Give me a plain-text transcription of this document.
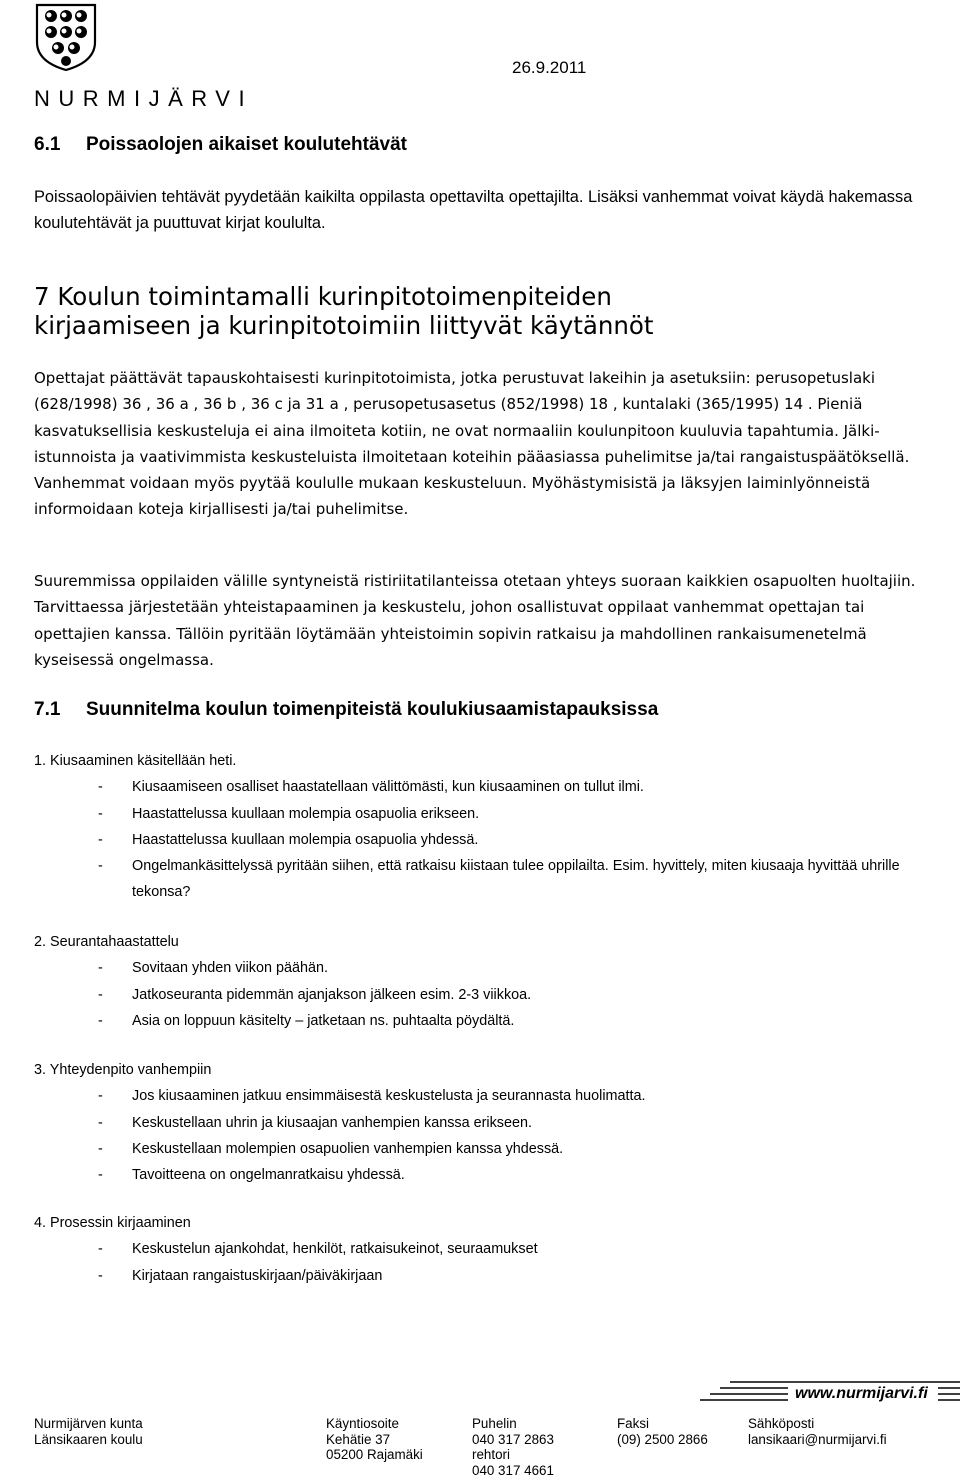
NURMIJÄRVI
26.9.2011
6.1 Poissaolojen aikaiset koulutehtävät
Poissaolopäivien tehtävät pyydetään kaikilta oppilasta opettavilta opettajilta. Lisäksi vanhemmat voivat käydä hakemassa koulutehtävät ja puuttuvat kirjat koululta.
7 Koulun toimintamalli kurinpitotoimenpiteiden
kirjaamiseen ja kurinpitotoimiin liittyvät käytännöt
Opettajat päättävät tapauskohtaisesti kurinpitotoimista, jotka perustuvat lakeihin ja asetuksiin: perusopetuslaki (628/1998) 36 , 36 a , 36 b , 36 c ja 31 a , perusopetusasetus (852/1998) 18 , kuntalaki (365/1995) 14 . Pieniä kasvatuksellisia keskusteluja ei aina ilmoiteta kotiin, ne ovat normaaliin koulunpitoon kuuluvia tapahtumia. Jälki-istunnoista ja vaativimmista keskusteluista ilmoitetaan koteihin pääasiassa puhelimitse ja/tai rangaistuspäätöksellä. Vanhemmat voidaan myös pyytää koululle mukaan keskusteluun. Myöhästymisistä ja läksyjen laiminlyönneistä informoidaan koteja kirjallisesti ja/tai puhelimitse.
Suuremmissa oppilaiden välille syntyneistä ristiriitatilanteissa otetaan yhteys suoraan kaikkien osapuolten huoltajiin. Tarvittaessa järjestetään yhteistapaaminen ja keskustelu, johon osallistuvat oppilaat vanhemmat opettajan tai opettajien kanssa. Tällöin pyritään löytämään yhteistoimin sopivin ratkaisu ja mahdollinen rankaisumenetelmä kyseisessä ongelmassa.
7.1 Suunnitelma koulun toimenpiteistä koulukiusaamistapauksissa
1. Kiusaaminen käsitellään heti.
- Kiusaamiseen osalliset haastatellaan välittömästi, kun kiusaaminen on tullut ilmi.
- Haastattelussa kuullaan molempia osapuolia erikseen.
- Haastattelussa kuullaan molempia osapuolia yhdessä.
- Ongelmankäsittelyssä pyritään siihen, että ratkaisu kiistaan tulee oppilailta. Esim. hyvittely, miten kiusaaja hyvittää uhrille tekonsa?
2. Seurantahaastattelu
- Sovitaan yhden viikon päähän.
- Jatkoseuranta pidemmän ajanjakson jälkeen esim. 2-3 viikkoa.
- Asia on loppuun käsitelty – jatketaan ns. puhtaalta pöydältä.
3. Yhteydenpito vanhempiin
- Jos kiusaaminen jatkuu ensimmäisestä keskustelusta ja seurannasta huolimatta.
- Keskustellaan uhrin ja kiusaajan vanhempien kanssa erikseen.
- Keskustellaan molempien osapuolien vanhempien kanssa yhdessä.
- Tavoitteena on ongelmanratkaisu yhdessä.
4. Prosessin kirjaaminen
- Keskustelun ajankohdat, henkilöt, ratkaisukeinot, seuraamukset
- Kirjataan rangaistuskirjaan/päiväkirjaan
www.nurmijarvi.fi
Nurmijärven kunta
Länsikaaren koulu
Käyntiosoite
Kehätie 37
05200 Rajamäki
Puhelin
040 317 2863
rehtori
040 317 4661
Faksi
(09) 2500 2866
Sähköposti
lansikaari@nurmijarvi.fi
